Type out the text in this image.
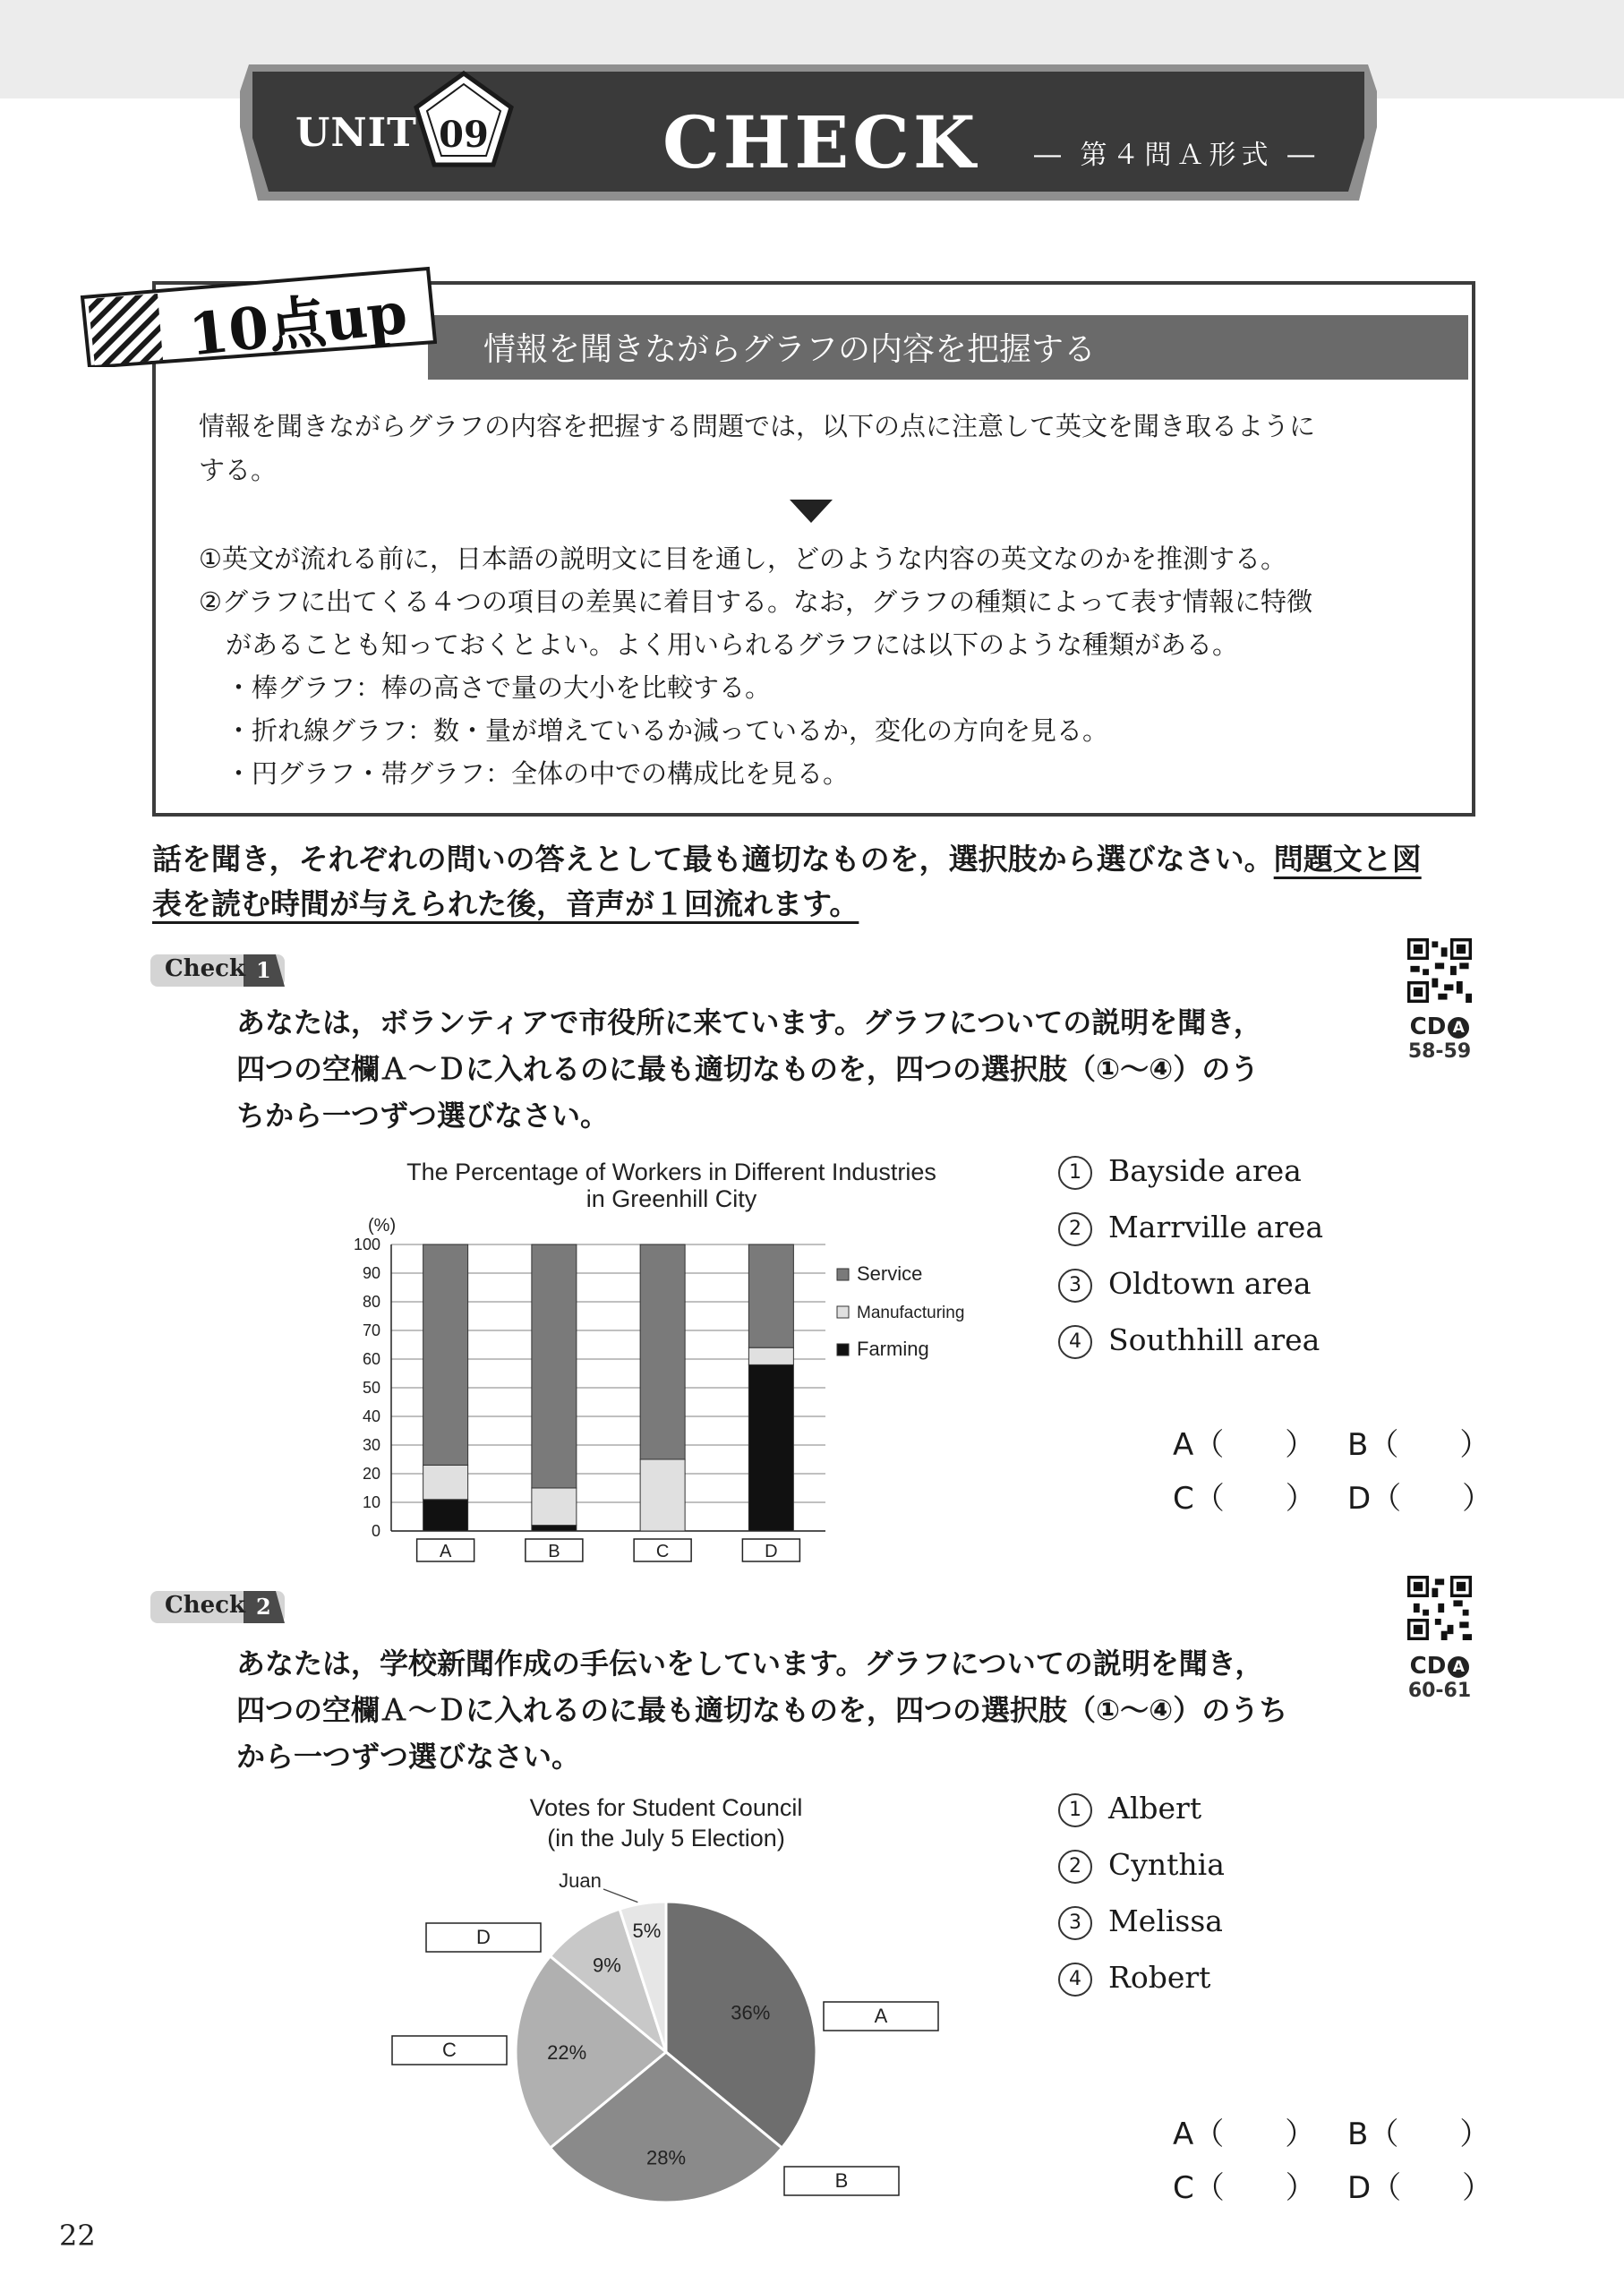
UNIT 09 CHECK ― 第４問Ａ形式 ―
情報を聞きながらグラフの内容を把握する
10点up
情報を聞きながらグラフの内容を把握する問題では，以下の点に注意して英文を聞き取るように
する。
①英文が流れる前に，日本語の説明文に目を通し，どのような内容の英文なのかを推測する。
②グラフに出てくる４つの項目の差異に着目する。なお，グラフの種類によって表す情報に特徴
があることも知っておくとよい。よく用いられるグラフには以下のような種類がある。
・棒グラフ：棒の高さで量の大小を比較する。
・折れ線グラフ：数・量が増えているか減っているか，変化の方向を見る。
・円グラフ・帯グラフ：全体の中での構成比を見る。
話を聞き，それぞれの問いの答えとして最も適切なものを，選択肢から選びなさい。問題文と図
表を読む時間が与えられた後，音声が１回流れます。
Check 1
CD A
58-59
あなたは，ボランティアで市役所に来ています。グラフについての説明を聞き，
四つの空欄Ａ～Ｄに入れるのに最も適切なものを，四つの選択肢（①～④）のう
ちから一つずつ選びなさい。
The Percentage of Workers in Different Industries
in Greenhill City
(%)
0
10
20
30
40
50
60
70
80
90
100
A	B	C	D
Service
Manufacturing
Farming
1 Bayside area
2 Marrville area
3 Oldtown area
4 Southhill area
A（　　） B（　　）
C（　　） D（　　）
Check 2
CD A
60-61
あなたは，学校新聞作成の手伝いをしています。グラフについての説明を聞き，
四つの空欄Ａ～Ｄに入れるのに最も適切なものを，四つの選択肢（①～④）のうち
から一つずつ選びなさい。
Votes for Student Council
(in the July 5 Election)
36%
28%
22%
9%
5%
A
B
C
D
Juan
1 Albert
2 Cynthia
3 Melissa
4 Robert
A（　　） B（　　）
C（　　） D（　　）
22
